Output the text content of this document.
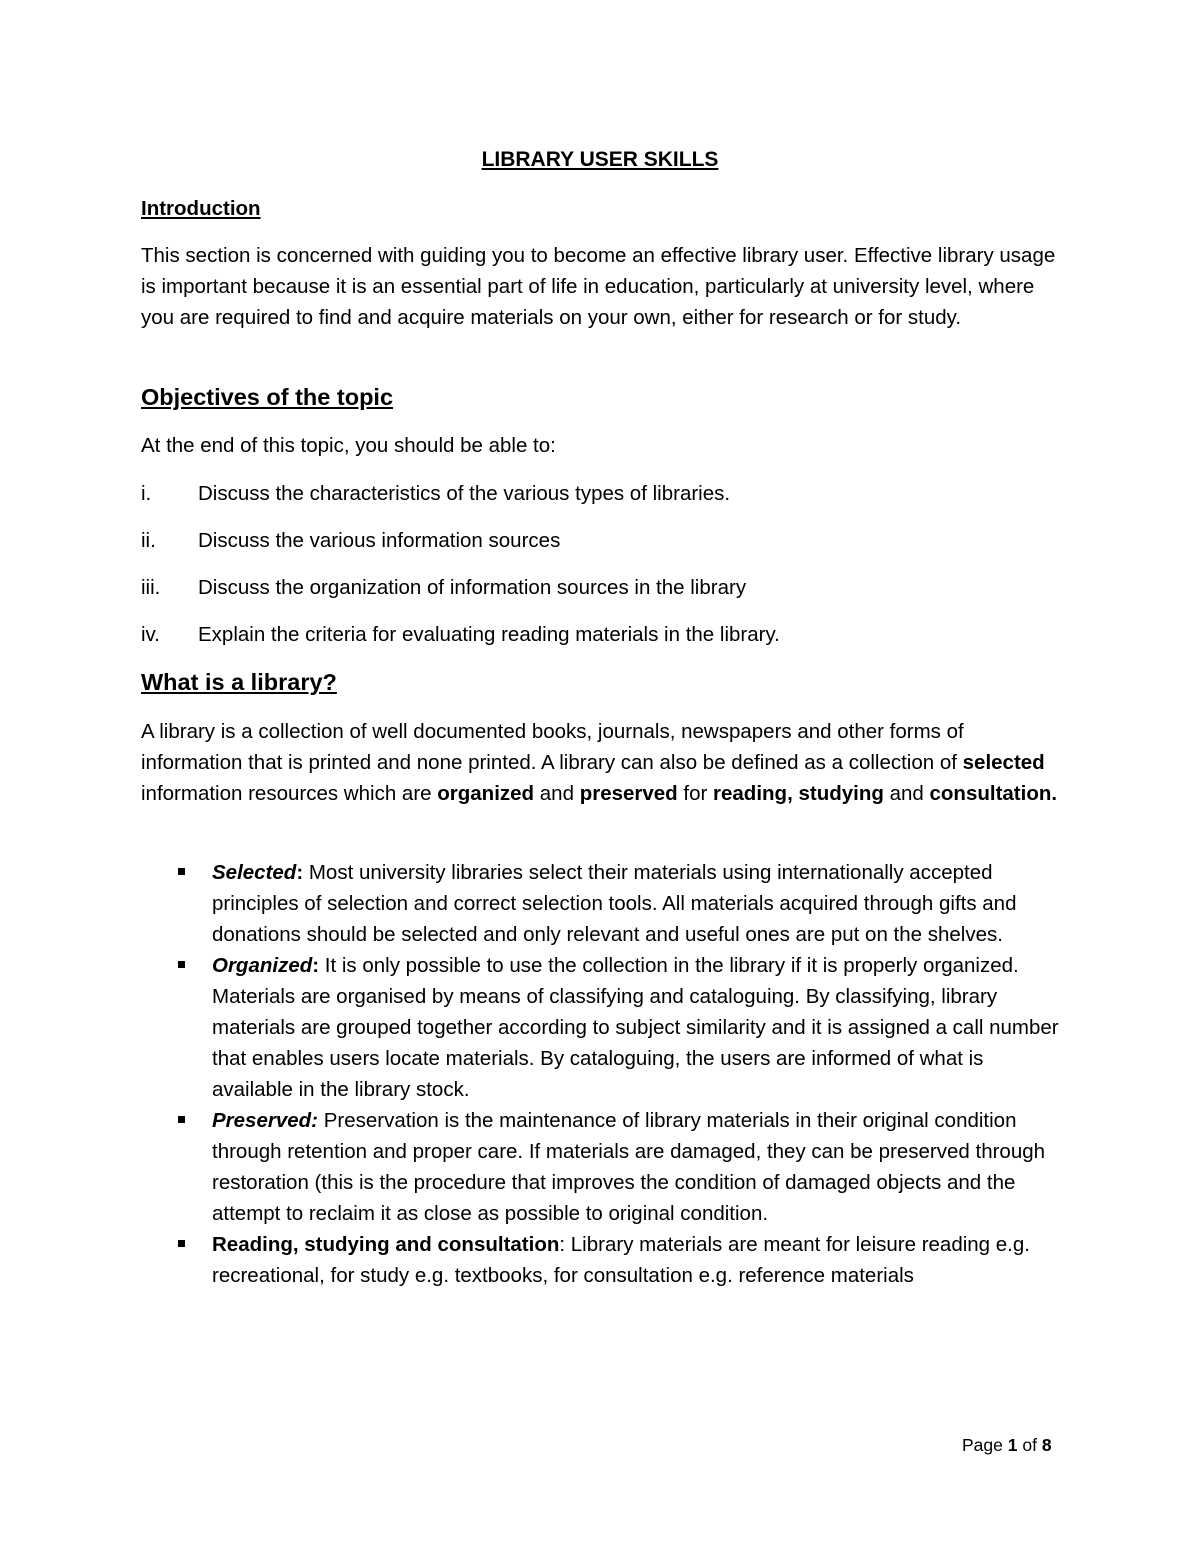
LIBRARY USER SKILLS
Introduction

This section is concerned with guiding you to become an effective library user. Effective library usage is important because it is an essential part of life in education, particularly at university level, where you are required to find and acquire materials on your own, either for research or for study.

Objectives of the topic
At the end of this topic, you should be able to:
i.	Discuss the characteristics of the various types of libraries.
ii.	Discuss the various information sources
iii. Discuss the organization of information sources in the library
iv. Explain the criteria for evaluating reading materials in the library.
What is a library?

A library is a collection of well documented books, journals, newspapers and other forms of information that is printed and none printed. A library can also be defined as a collection of selected information resources which are organized and preserved for reading, studying and consultation.

Selected: Most university libraries select their materials using internationally accepted principles of selection and correct selection tools. All materials acquired through gifts and donations should be selected and only relevant and useful ones are put on the shelves.
Organized: It is only possible to use the collection in the library if it is properly organized. Materials are organised by means of classifying and cataloguing. By classifying, library materials are grouped together according to subject similarity and it is assigned a call number that enables users locate materials. By cataloguing, the users are informed of what is available in the library stock.
Preserved: Preservation is the maintenance of library materials in their original condition through retention and proper care. If materials are damaged, they can be preserved through restoration (this is the procedure that improves the condition of damaged objects and the attempt to reclaim it as close as possible to original condition.
Reading, studying and consultation: Library materials are meant for leisure reading e.g. recreational, for study e.g. textbooks, for consultation e.g. reference materials
Page 1 of 8
